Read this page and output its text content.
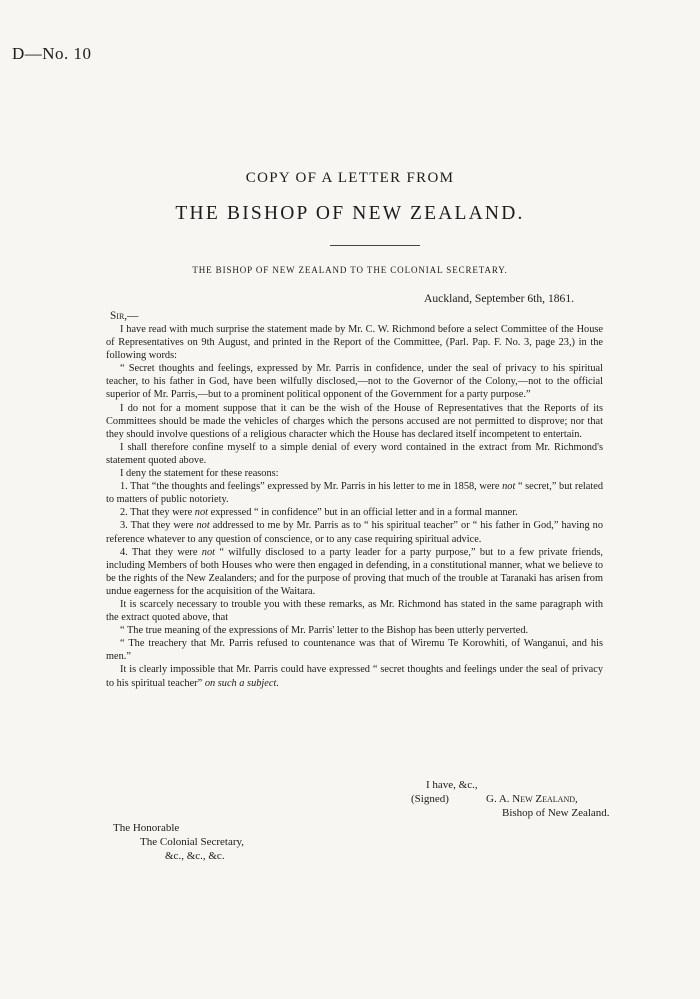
D—No. 10
COPY OF A LETTER FROM
THE BISHOP OF NEW ZEALAND.
THE BISHOP OF NEW ZEALAND TO THE COLONIAL SECRETARY.
Auckland, September 6th, 1861.
Sir,—

I have read with much surprise the statement made by Mr. C. W. Richmond before a select Committee of the House of Representatives on 9th August, and printed in the Report of the Committee, (Parl. Pap. F. No. 3, page 23,) in the following words:

“ Secret thoughts and feelings, expressed by Mr. Parris in confidence, under the seal of privacy to his spiritual teacher, to his father in God, have been wilfully disclosed,—not to the Governor of the Colony,—not to the official superior of Mr. Parris,—but to a prominent political opponent of the Government for a party purpose.”

I do not for a moment suppose that it can be the wish of the House of Representatives that the Reports of its Committees should be made the vehicles of charges which the persons accused are not permitted to disprove; nor that they should involve questions of a religious character which the House has declared itself incompetent to entertain.

I shall therefore confine myself to a simple denial of every word contained in the extract from Mr. Richmond's statement quoted above.

I deny the statement for these reasons:

1. That “the thoughts and feelings” expressed by Mr. Parris in his letter to me in 1858, were not “ secret,” but related to matters of public notoriety.

2. That they were not expressed “ in confidence” but in an official letter and in a formal manner.

3. That they were not addressed to me by Mr. Parris as to “ his spiritual teacher” or “ his father in God,” having no reference whatever to any question of conscience, or to any case requiring spiritual advice.

4. That they were not “ wilfully disclosed to a party leader for a party purpose,” but to a few private friends, including Members of both Houses who were then engaged in defending, in a constitutional manner, what we believe to be the rights of the New Zealanders; and for the purpose of proving that much of the trouble at Taranaki has arisen from undue eagerness for the acquisition of the Waitara.

It is scarcely necessary to trouble you with these remarks, as Mr. Richmond has stated in the same paragraph with the extract quoted above, that

“ The true meaning of the expressions of Mr. Parris' letter to the Bishop has been utterly perverted.

“ The treachery that Mr. Parris refused to countenance was that of Wiremu Te Korowhiti, of Wanganui, and his men.”

It is clearly impossible that Mr. Parris could have expressed “ secret thoughts and feelings under the seal of privacy to his spiritual teacher” on such a subject.

I have, &c.,
(Signed)	G. A. New Zealand,
Bishop of New Zealand.
The Honorable
The Colonial Secretary,
&c., &c., &c.
